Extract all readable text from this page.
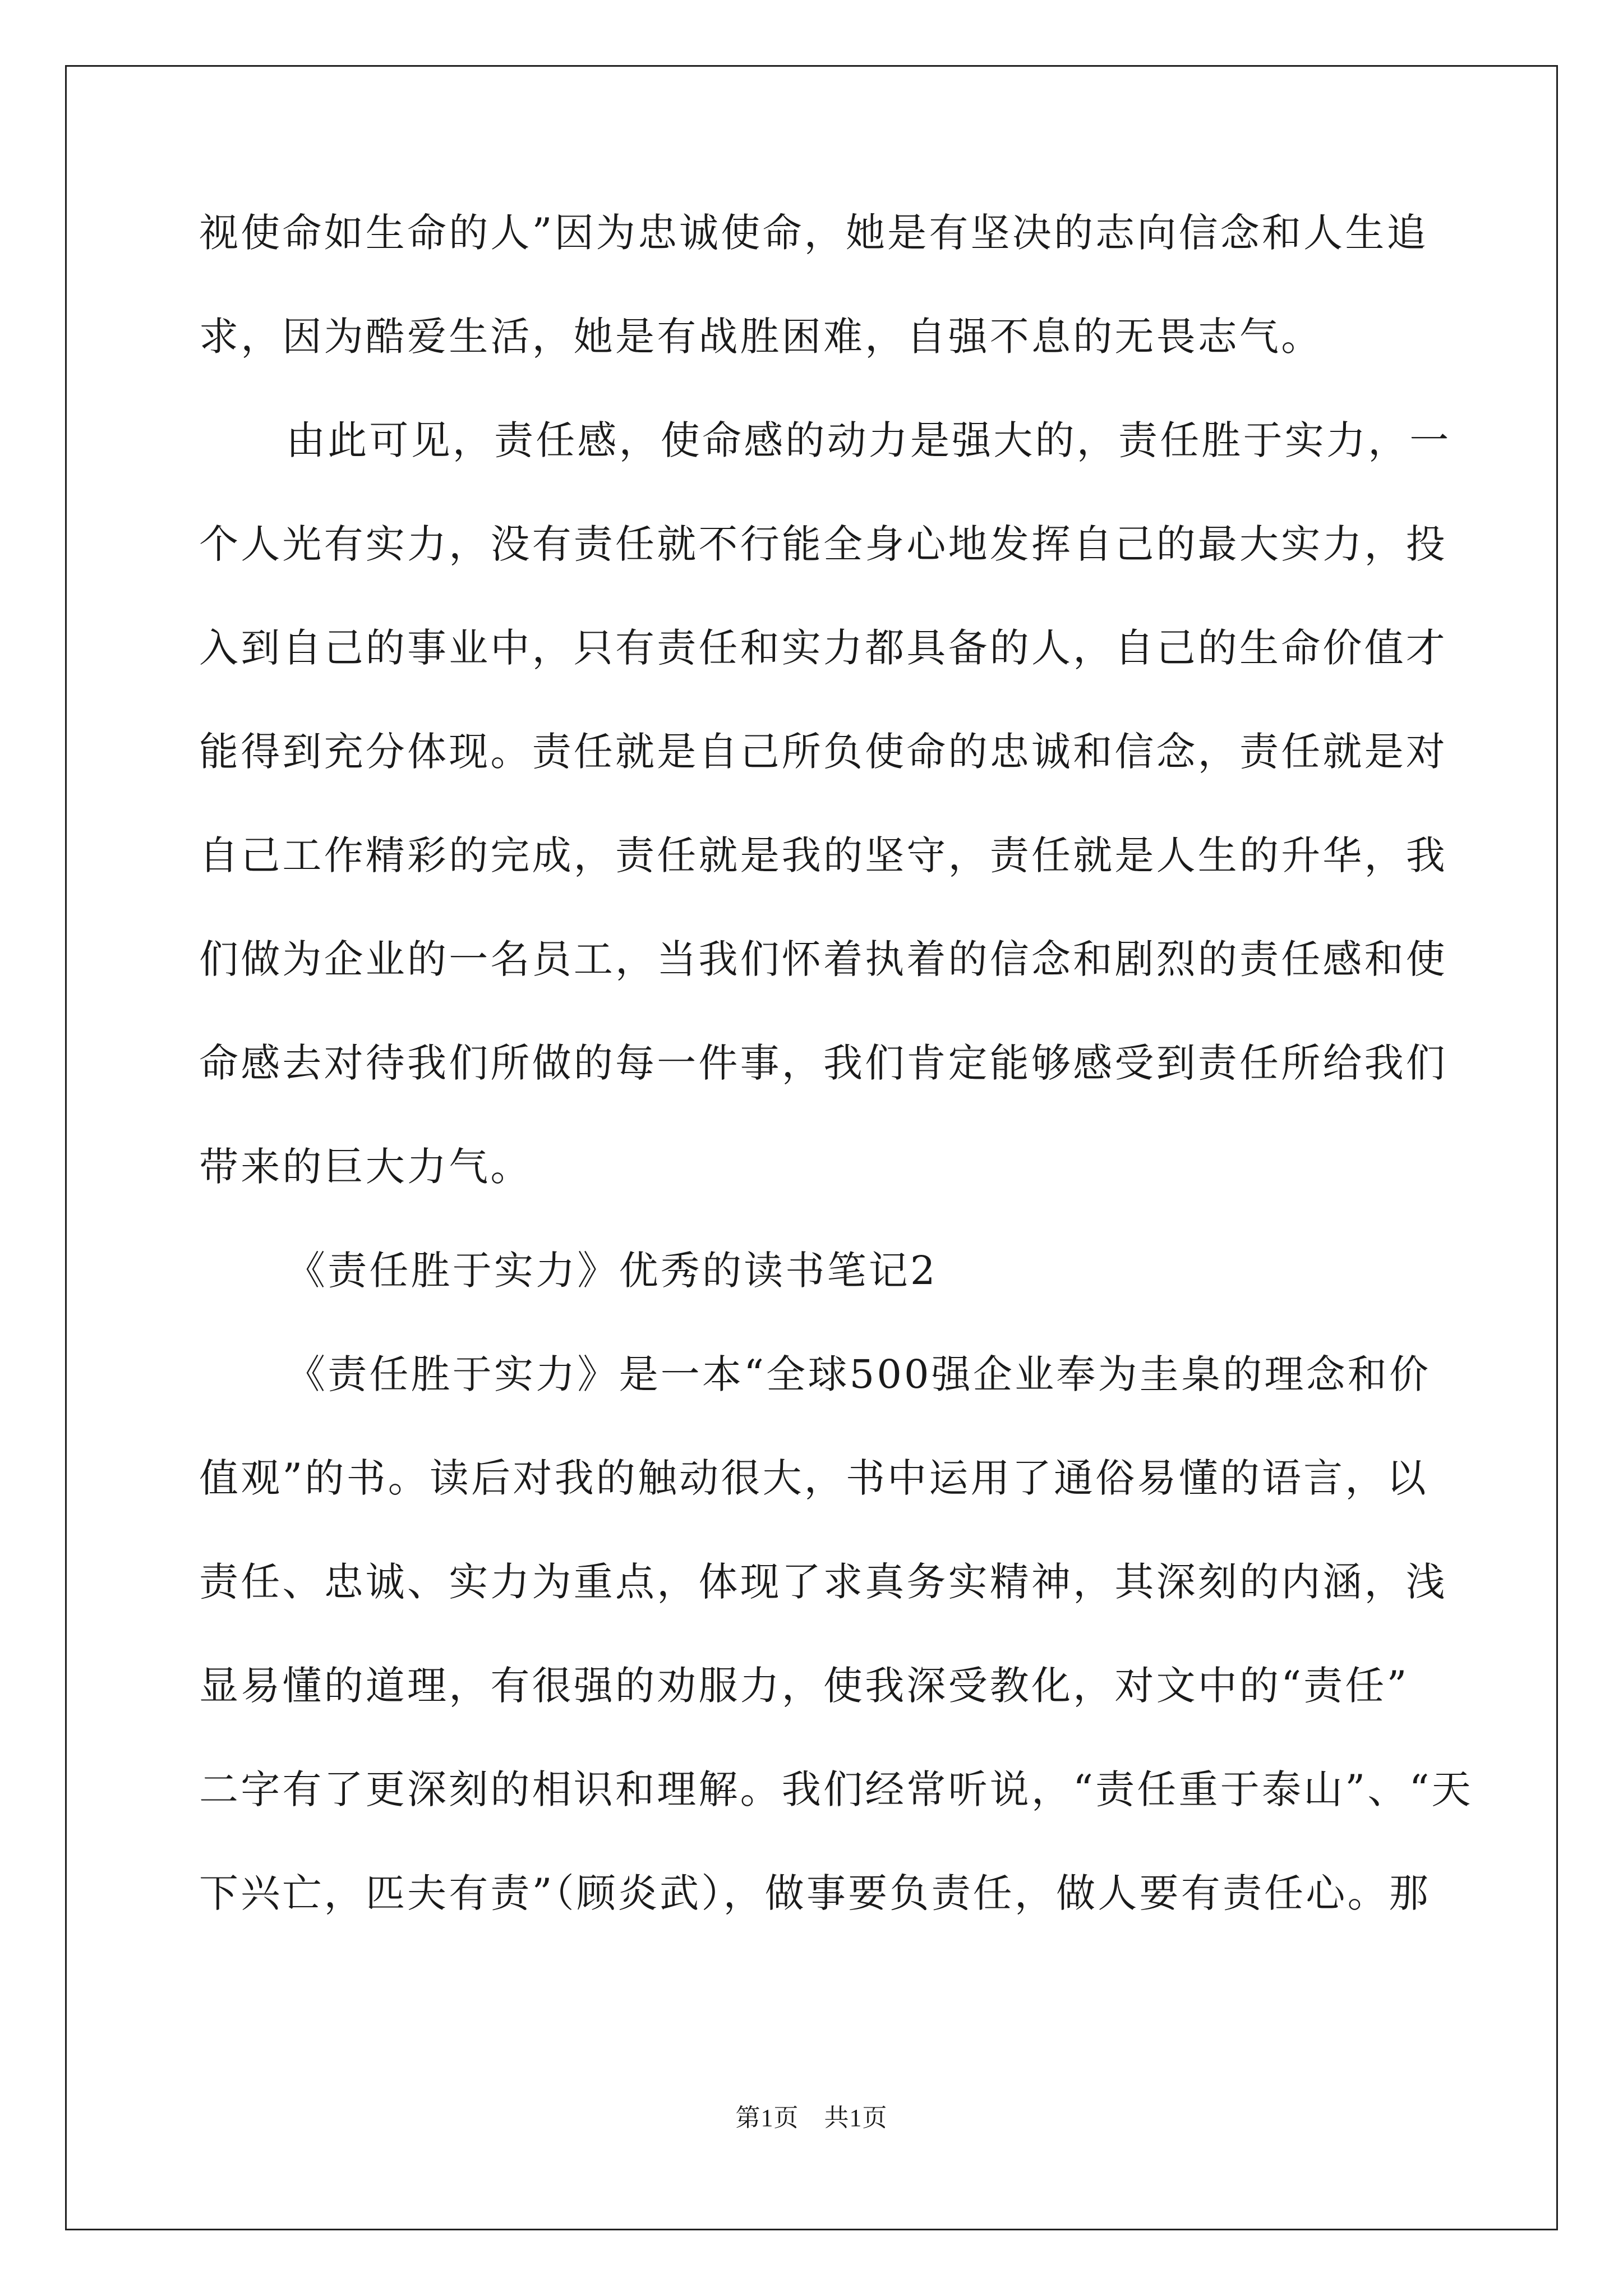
视使命如生命的人”因为忠诚使命，她是有坚决的志向信念和人生追
求，因为酷爱生活，她是有战胜困难，自强不息的无畏志气。
由此可见，责任感，使命感的动力是强大的，责任胜于实力，一
个人光有实力，没有责任就不行能全身心地发挥自己的最大实力，投
入到自己的事业中，只有责任和实力都具备的人，自己的生命价值才
能得到充分体现。责任就是自己所负使命的忠诚和信念，责任就是对
自己工作精彩的完成，责任就是我的坚守，责任就是人生的升华，我
们做为企业的一名员工，当我们怀着执着的信念和剧烈的责任感和使
命感去对待我们所做的每一件事，我们肯定能够感受到责任所给我们
带来的巨大力气。
《责任胜于实力》优秀的读书笔记2
《责任胜于实力》是一本“全球500强企业奉为圭臬的理念和价
值观”的书。读后对我的触动很大，书中运用了通俗易懂的语言，以
责任、忠诚、实力为重点，体现了求真务实精神，其深刻的内涵，浅
显易懂的道理，有很强的劝服力，使我深受教化，对文中的“责任”
二字有了更深刻的相识和理解。我们经常听说，“责任重于泰山”、“天
下兴亡，匹夫有责”（顾炎武），做事要负责任，做人要有责任心。那
第1页　共1页
